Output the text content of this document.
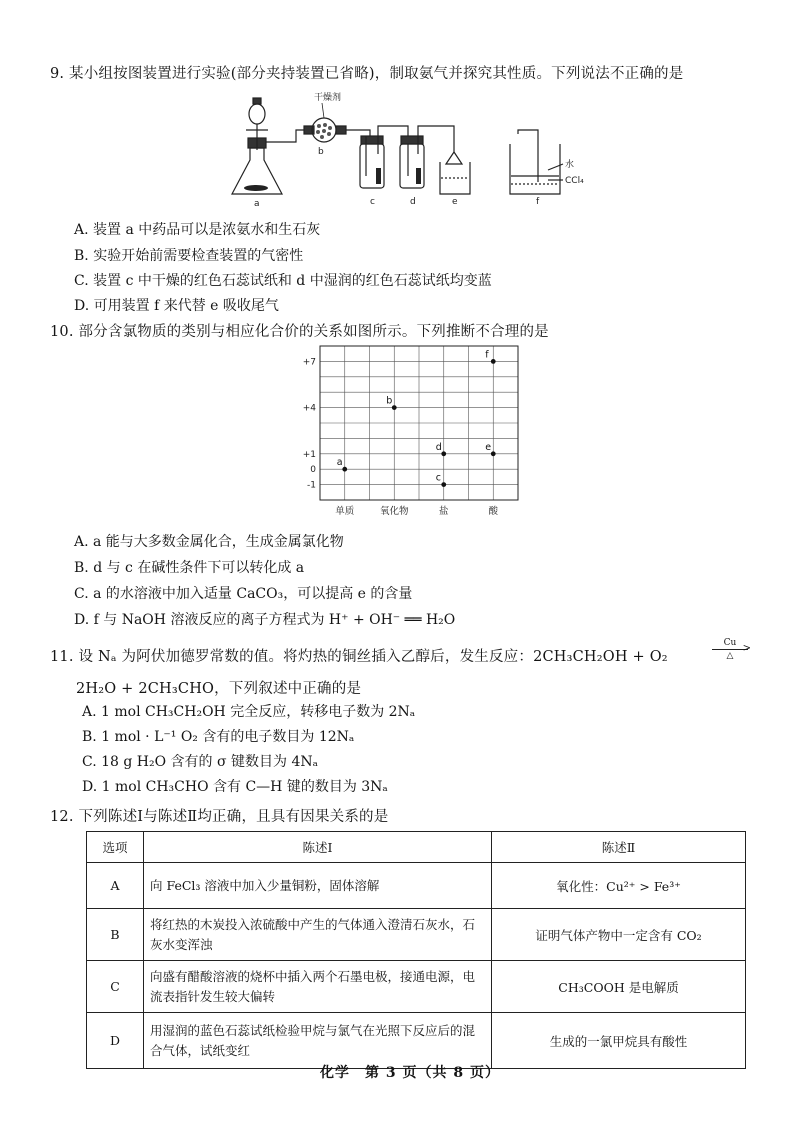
9. 某小组按图装置进行实验(部分夹持装置已省略)，制取氨气并探究其性质。下列说法不正确的是
干燥剂
a
b
c	d	e	f
水
CCl₄
A. 装置 a 中药品可以是浓氨水和生石灰
B. 实验开始前需要检查装置的气密性
C. 装置 c 中干燥的红色石蕊试纸和 d 中湿润的红色石蕊试纸均变蓝
D. 可用装置 f 来代替 e 吸收尾气
10. 部分含氯物质的类别与相应化合价的关系如图所示。下列推断不合理的是
+7
+4
+1
0
-1
单质	氧化物	盐	酸
a
b
c
d	e
f
A. a 能与大多数金属化合，生成金属氯化物
B. d 与 c 在碱性条件下可以转化成 a
C. a 的水溶液中加入适量 CaCO₃，可以提高 e 的含量
D. f 与 NaOH 溶液反应的离子方程式为 H⁺ + OH⁻ ══ H₂O
11. 设 Nₐ 为阿伏加德罗常数的值。将灼热的铜丝插入乙醇后，发生反应：2CH₃CH₂OH + O₂
Cu >
△
2H₂O + 2CH₃CHO，下列叙述中正确的是
A. 1 mol CH₃CH₂OH 完全反应，转移电子数为 2Nₐ
B. 1 mol · L⁻¹ O₂ 含有的电子数目为 12Nₐ
C. 18 g H₂O 含有的 σ 键数目为 4Nₐ
D. 1 mol CH₃CHO 含有 C—H 键的数目为 3Nₐ
12. 下列陈述Ⅰ与陈述Ⅱ均正确，且具有因果关系的是
选项	陈述Ⅰ	陈述Ⅱ
A	向 FeCl₃ 溶液中加入少量铜粉，固体溶解	氧化性：Cu²⁺ > Fe³⁺
B	将红热的木炭投入浓硫酸中产生的气体通入澄清石灰水，石灰水变浑浊	证明气体产物中一定含有 CO₂
C	向盛有醋酸溶液的烧杯中插入两个石墨电极，接通电源，电流表指针发生较大偏转	CH₃COOH 是电解质
D	用湿润的蓝色石蕊试纸检验甲烷与氯气在光照下反应后的混合气体，试纸变红	生成的一氯甲烷具有酸性
化学　第 3 页（共 8 页）
